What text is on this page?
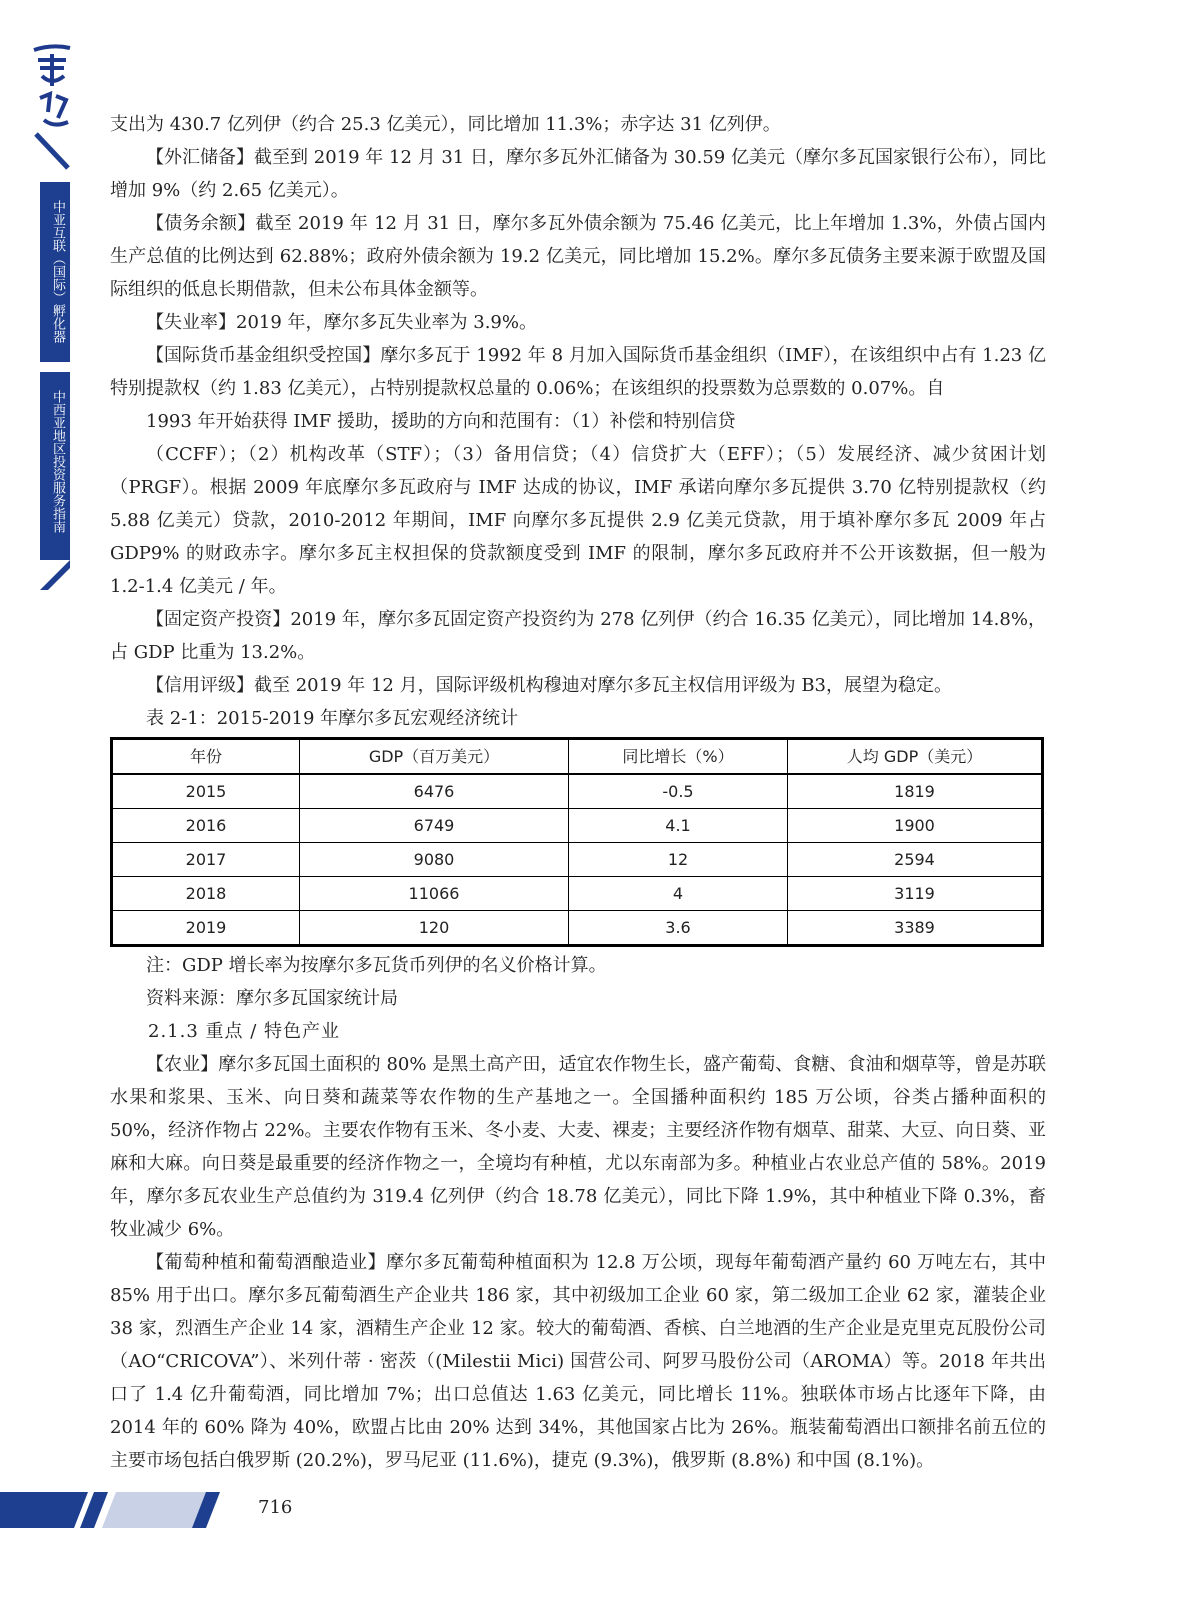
中亚互联（国际）孵化器
中西亚地区投资服务指南

支出为 430.7 亿列伊（约合 25.3 亿美元），同比增加 11.3%；赤字达 31 亿列伊。

【外汇储备】截至到 2019 年 12 月 31 日，摩尔多瓦外汇储备为 30.59 亿美元（摩尔多瓦国家银行公布），同比增加 9%（约 2.65 亿美元）。

【债务余额】截至 2019 年 12 月 31 日，摩尔多瓦外债余额为 75.46 亿美元，比上年增加 1.3%，外债占国内生产总值的比例达到 62.88%；政府外债余额为 19.2 亿美元，同比增加 15.2%。摩尔多瓦债务主要来源于欧盟及国际组织的低息长期借款，但未公布具体金额等。

【失业率】2019 年，摩尔多瓦失业率为 3.9%。

【国际货币基金组织受控国】摩尔多瓦于 1992 年 8 月加入国际货币基金组织（IMF），在该组织中占有 1.23 亿特别提款权（约 1.83 亿美元），占特别提款权总量的 0.06%；在该组织的投票数为总票数的 0.07%。自

1993 年开始获得 IMF 援助，援助的方向和范围有：（1）补偿和特别信贷

（CCFF）；（2）机构改革（STF）；（3）备用信贷；（4）信贷扩大（EFF）；（5）发展经济、减少贫困计划（PRGF）。根据 2009 年底摩尔多瓦政府与 IMF 达成的协议，IMF 承诺向摩尔多瓦提供 3.70 亿特别提款权（约 5.88 亿美元）贷款，2010-2012 年期间，IMF 向摩尔多瓦提供 2.9 亿美元贷款，用于填补摩尔多瓦 2009 年占 GDP9% 的财政赤字。摩尔多瓦主权担保的贷款额度受到 IMF 的限制，摩尔多瓦政府并不公开该数据，但一般为 1.2-1.4 亿美元 / 年。

【固定资产投资】2019 年，摩尔多瓦固定资产投资约为 278 亿列伊（约合 16.35 亿美元），同比增加 14.8%，占 GDP 比重为 13.2%。

【信用评级】截至 2019 年 12 月，国际评级机构穆迪对摩尔多瓦主权信用评级为 B3，展望为稳定。

表 2-1：2015-2019 年摩尔多瓦宏观经济统计

年份	GDP（百万美元）	同比增长（%）	人均 GDP（美元）
2015	6476	-0.5	1819
2016	6749	4.1	1900
2017	9080	12	2594
2018	11066	4	3119
2019	120	3.6	3389

注：GDP 增长率为按摩尔多瓦货币列伊的名义价格计算。

资料来源：摩尔多瓦国家统计局

2.1.3 重点 / 特色产业

【农业】摩尔多瓦国土面积的 80% 是黑土高产田，适宜农作物生长，盛产葡萄、食糖、食油和烟草等，曾是苏联水果和浆果、玉米、向日葵和蔬菜等农作物的生产基地之一。全国播种面积约 185 万公顷，谷类占播种面积的 50%，经济作物占 22%。主要农作物有玉米、冬小麦、大麦、裸麦；主要经济作物有烟草、甜菜、大豆、向日葵、亚麻和大麻。向日葵是最重要的经济作物之一，全境均有种植，尤以东南部为多。种植业占农业总产值的 58%。2019 年，摩尔多瓦农业生产总值约为 319.4 亿列伊（约合 18.78 亿美元），同比下降 1.9%，其中种植业下降 0.3%，畜牧业减少 6%。

【葡萄种植和葡萄酒酿造业】摩尔多瓦葡萄种植面积为 12.8 万公顷，现每年葡萄酒产量约 60 万吨左右，其中 85% 用于出口。摩尔多瓦葡萄酒生产企业共 186 家，其中初级加工企业 60 家，第二级加工企业 62 家，灌装企业 38 家，烈酒生产企业 14 家，酒精生产企业 12 家。较大的葡萄酒、香槟、白兰地酒的生产企业是克里克瓦股份公司（AO“CRICOVA”）、米列什蒂 · 密茨（(Milestii Mici) 国营公司、阿罗马股份公司（AROMA）等。2018 年共出口了 1.4 亿升葡萄酒，同比增加 7%；出口总值达 1.63 亿美元，同比增长 11%。独联体市场占比逐年下降，由 2014 年的 60% 降为 40%，欧盟占比由 20% 达到 34%，其他国家占比为 26%。瓶装葡萄酒出口额排名前五位的主要市场包括白俄罗斯 (20.2%)，罗马尼亚 (11.6%)，捷克 (9.3%)，俄罗斯 (8.8%) 和中国 (8.1%)。

716
